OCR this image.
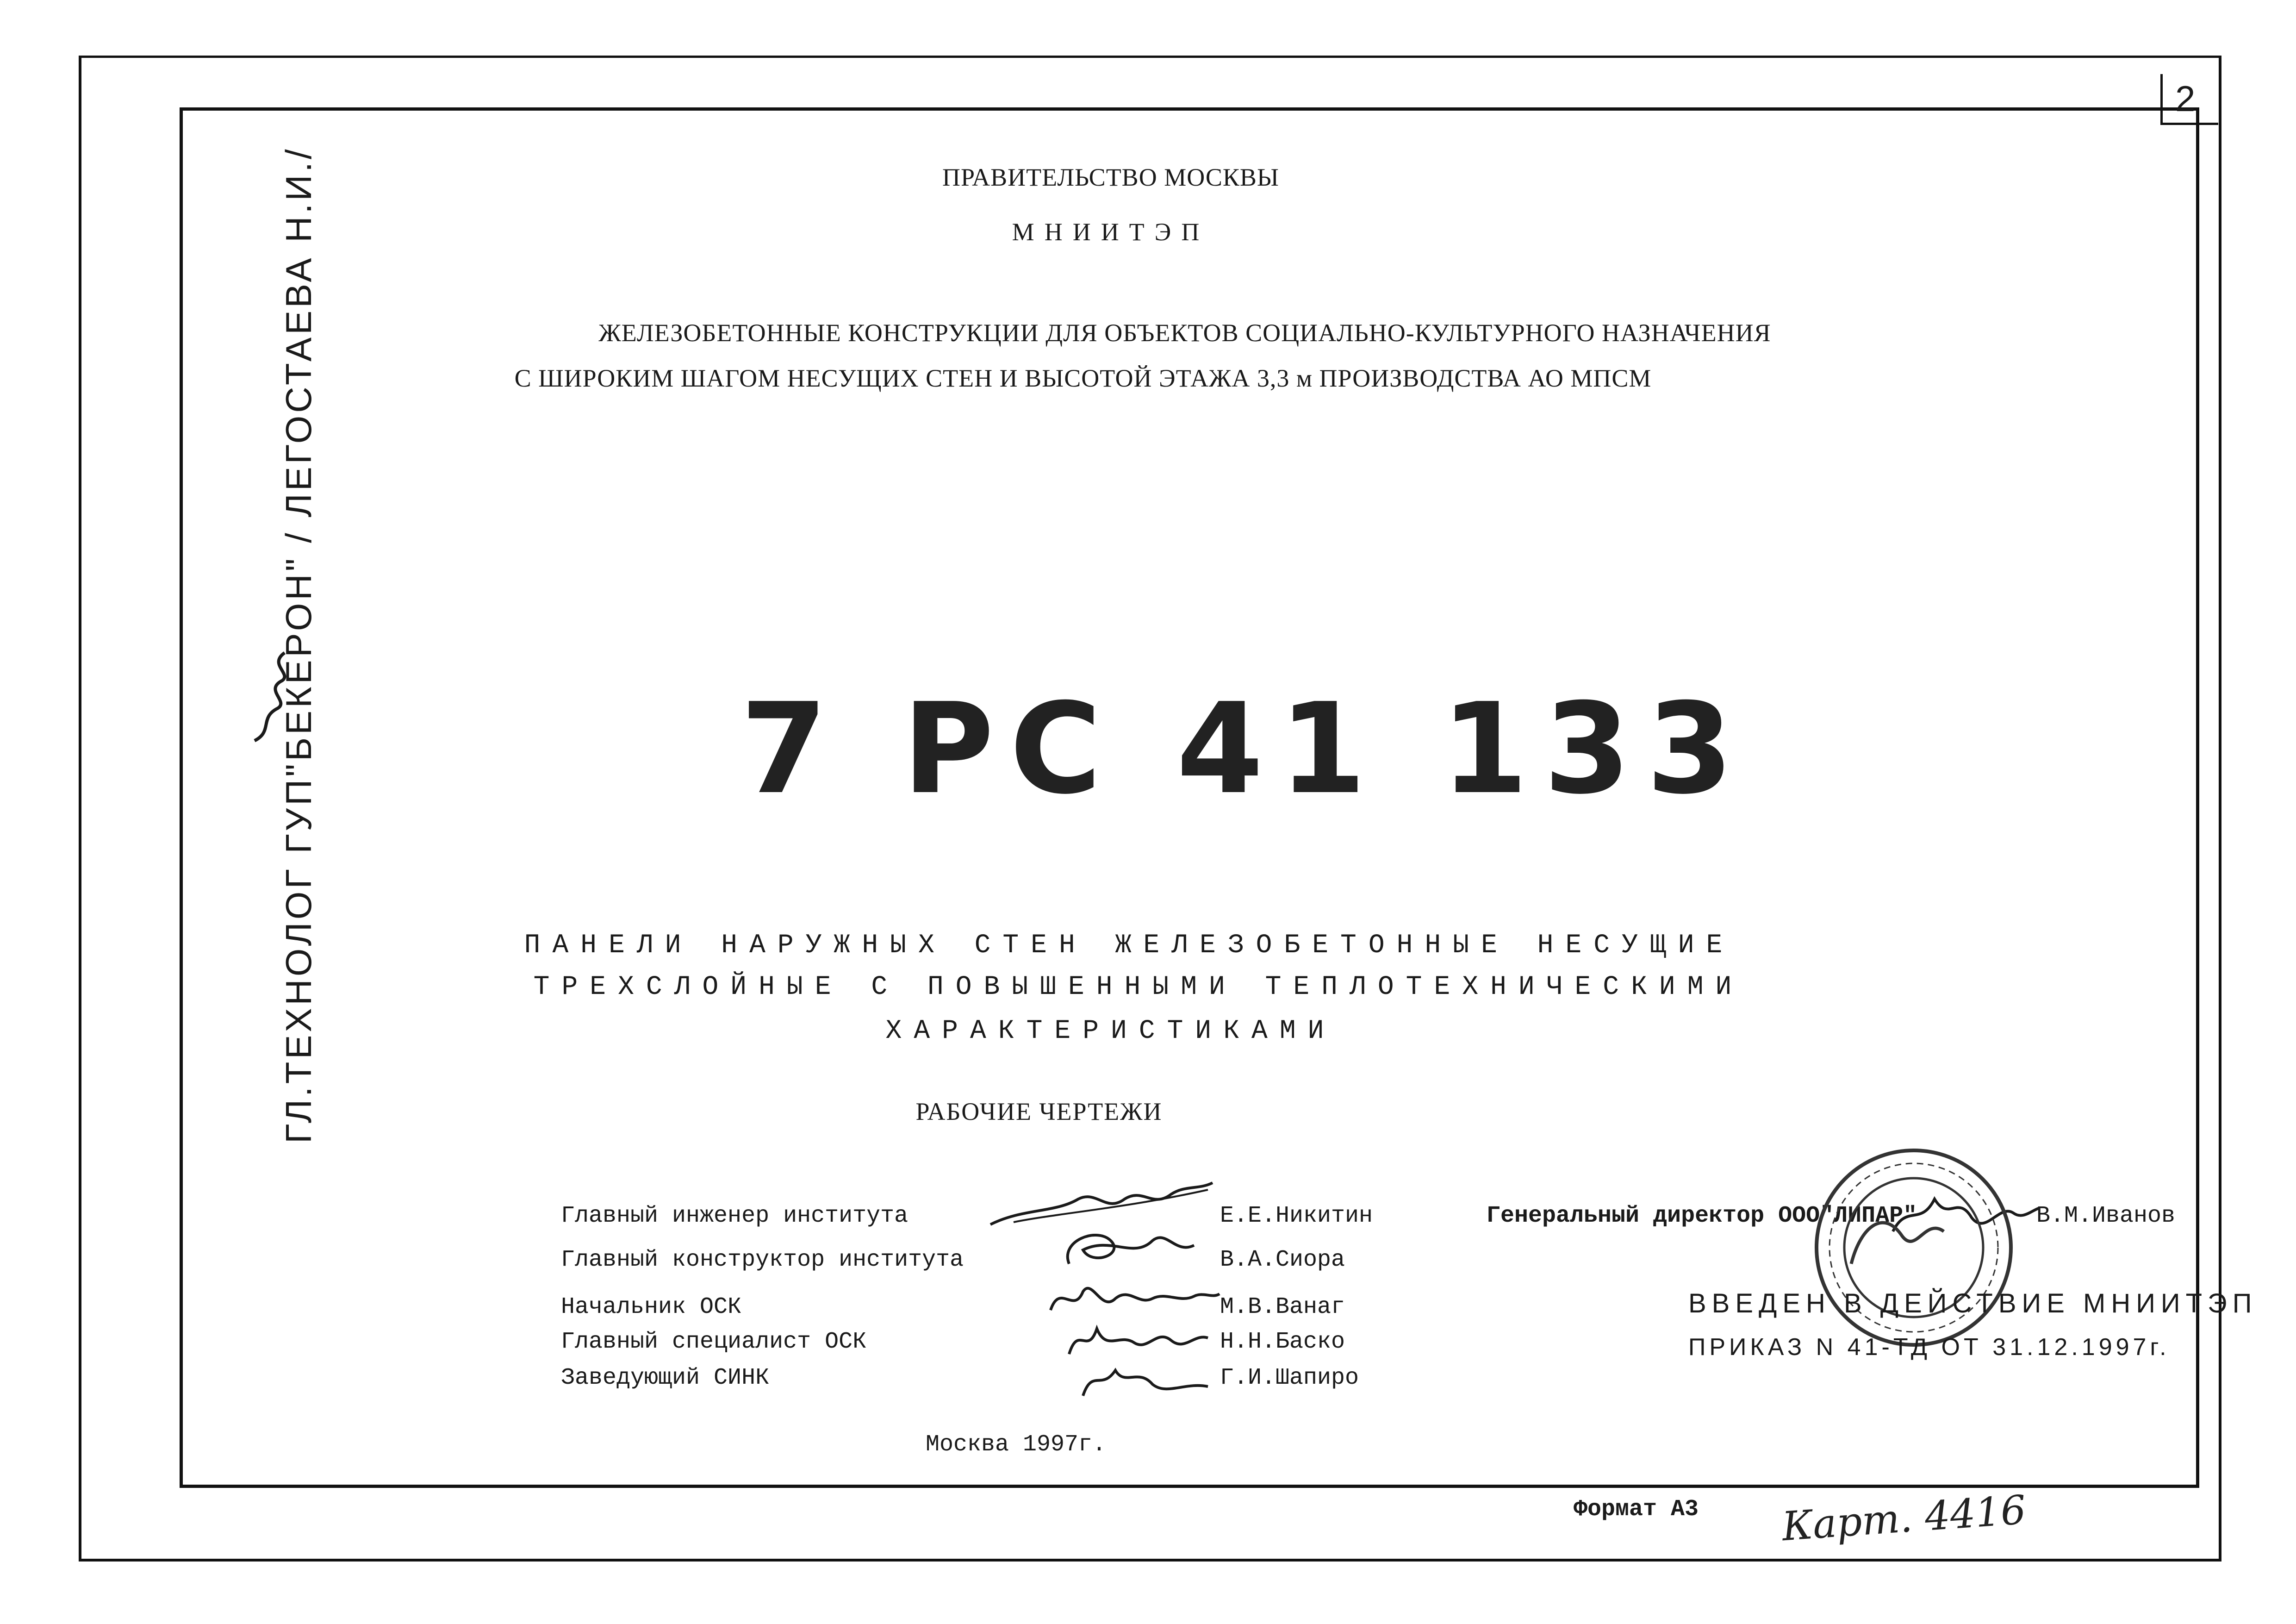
2
ГЛ.ТЕХНОЛОГ ГУП"БЕКЕРОН" / ЛЕГОСТАЕВА Н.И./	ПРАВИТЕЛЬСТВО МОСКВЫ
МНИИТЭП
ЖЕЛЕЗОБЕТОННЫЕ КОНСТРУКЦИИ ДЛЯ ОБЪЕКТОВ СОЦИАЛЬНО-КУЛЬТУРНОГО НАЗНАЧЕНИЯ
С ШИРОКИМ ШАГОМ НЕСУЩИХ СТЕН И ВЫСОТОЙ ЭТАЖА 3,3 м ПРОИЗВОДСТВА АО МПСМ
7 РС 41 133
ПАНЕЛИ НАРУЖНЫХ СТЕН ЖЕЛЕЗОБЕТОННЫЕ НЕСУЩИЕ
ТРЕХСЛОЙНЫЕ С ПОВЫШЕННЫМИ ТЕПЛОТЕХНИЧЕСКИМИ
ХАРАКТЕРИСТИКАМИ
РАБОЧИЕ ЧЕРТЕЖИ
Главный инженер института
Главный конструктор института
Начальник ОСК
Главный специалист ОСК
Заведующий СИНК
Е.Е.Никитин
В.А.Сиора
М.В.Ванаг
Н.Н.Баско
Г.И.Шапиро
Генеральный директор ООО"ЛИПАР"	В.М.Иванов
ВВЕДЕН В ДЕЙСТВИЕ МНИИТЭП
ПРИКАЗ N 41-ТД ОТ 31.12.1997г.
Москва 1997г.
Формат А3 Карт. 4416
